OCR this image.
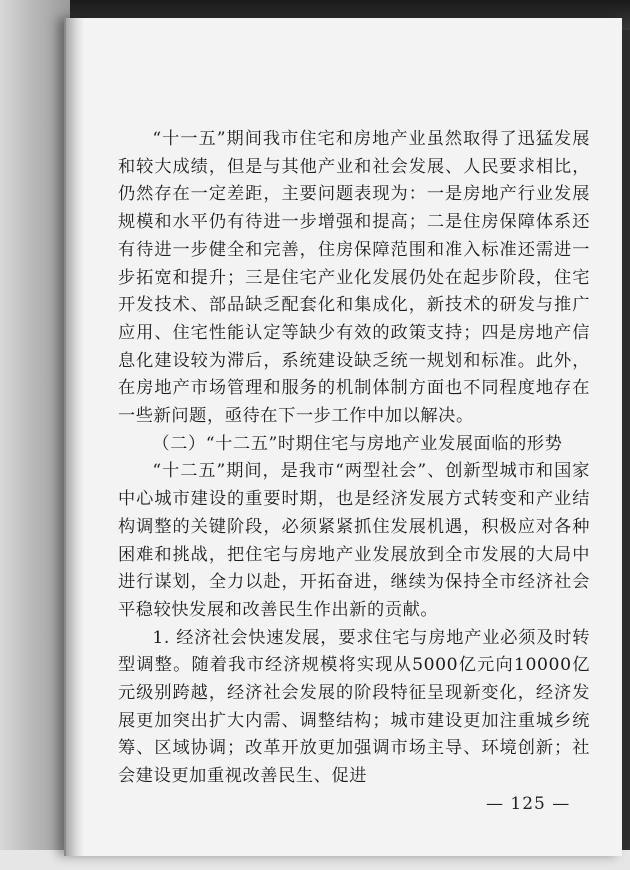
“十一五”期间我市住宅和房地产业虽然取得了迅猛发展和较大成绩，但是与其他产业和社会发展、人民要求相比，仍然存在一定差距，主要问题表现为：一是房地产行业发展规模和水平仍有待进一步增强和提高；二是住房保障体系还有待进一步健全和完善，住房保障范围和准入标准还需进一步拓宽和提升；三是住宅产业化发展仍处在起步阶段，住宅开发技术、部品缺乏配套化和集成化，新技术的研发与推广应用、住宅性能认定等缺少有效的政策支持；四是房地产信息化建设较为滞后，系统建设缺乏统一规划和标准。此外，在房地产市场管理和服务的机制体制方面也不同程度地存在一些新问题，亟待在下一步工作中加以解决。

（二）“十二五”时期住宅与房地产业发展面临的形势

“十二五”期间，是我市“两型社会”、创新型城市和国家中心城市建设的重要时期，也是经济发展方式转变和产业结构调整的关键阶段，必须紧紧抓住发展机遇，积极应对各种困难和挑战，把住宅与房地产业发展放到全市发展的大局中进行谋划，全力以赴，开拓奋进，继续为保持全市经济社会平稳较快发展和改善民生作出新的贡献。

1. 经济社会快速发展，要求住宅与房地产业必须及时转型调整。随着我市经济规模将实现从5000亿元向10000亿元级别跨越，经济社会发展的阶段特征呈现新变化，经济发展更加突出扩大内需、调整结构；城市建设更加注重城乡统筹、区域协调；改革开放更加强调市场主导、环境创新；社会建设更加重视改善民生、促进

— 125 —
